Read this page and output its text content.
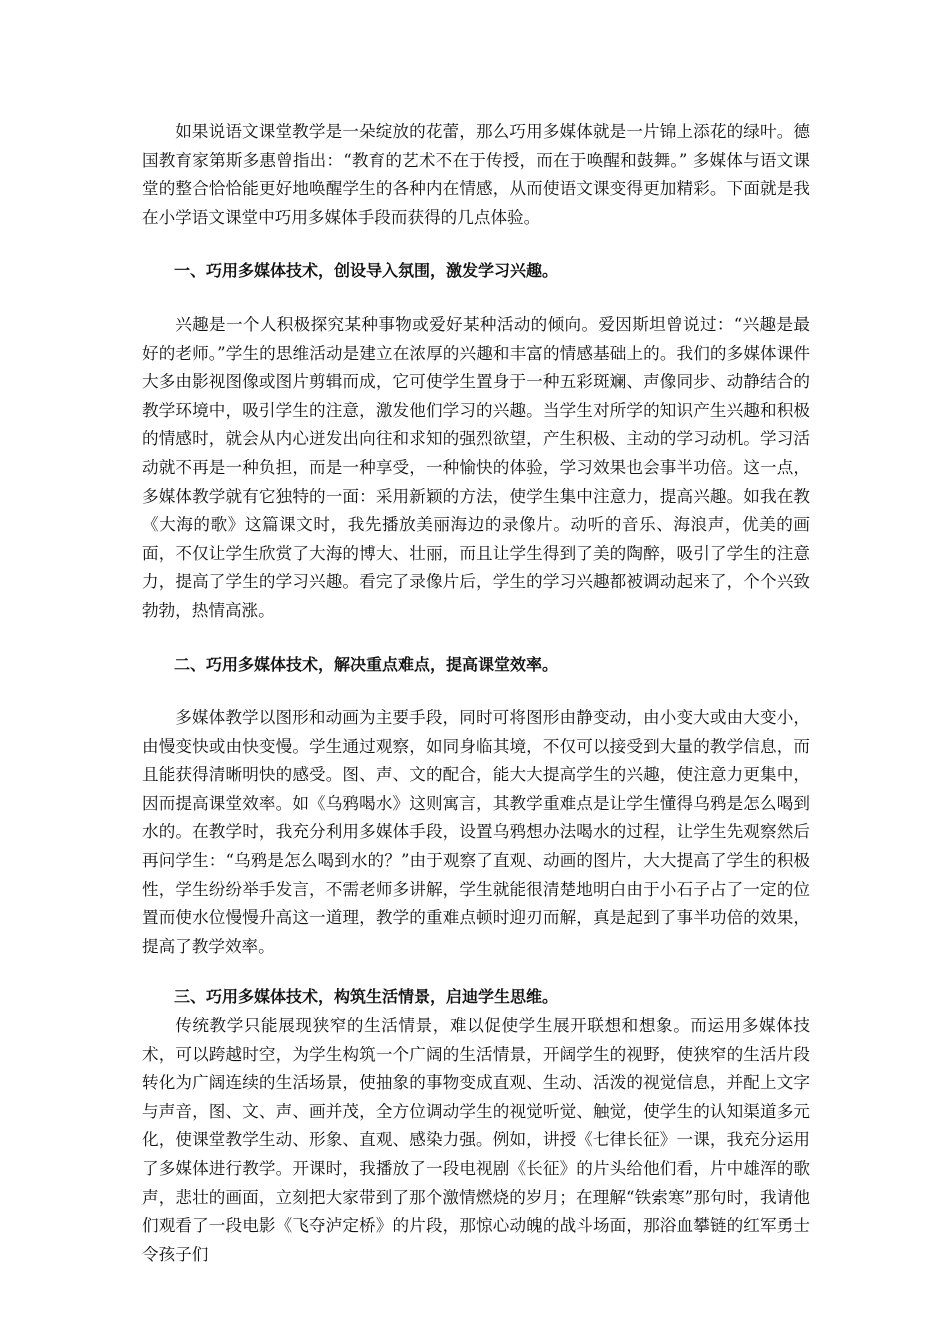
如果说语文课堂教学是一朵绽放的花蕾，那么巧用多媒体就是一片锦上添花的绿叶。德国教育家第斯多惠曾指出：“教育的艺术不在于传授，而在于唤醒和鼓舞。” 多媒体与语文课堂的整合恰恰能更好地唤醒学生的各种内在情感，从而使语文课变得更加精彩。下面就是我在小学语文课堂中巧用多媒体手段而获得的几点体验。

一、巧用多媒体技术，创设导入氛围，激发学习兴趣。

兴趣是一个人积极探究某种事物或爱好某种活动的倾向。爱因斯坦曾说过：“兴趣是最好的老师。”学生的思维活动是建立在浓厚的兴趣和丰富的情感基础上的。我们的多媒体课件大多由影视图像或图片剪辑而成，它可使学生置身于一种五彩斑斓、声像同步、动静结合的教学环境中，吸引学生的注意，激发他们学习的兴趣。当学生对所学的知识产生兴趣和积极的情感时，就会从内心迸发出向往和求知的强烈欲望，产生积极、主动的学习动机。学习活动就不再是一种负担，而是一种享受，一种愉快的体验，学习效果也会事半功倍。这一点，多媒体教学就有它独特的一面：采用新颖的方法，使学生集中注意力，提高兴趣。如我在教《大海的歌》这篇课文时，我先播放美丽海边的录像片。动听的音乐、海浪声，优美的画面，不仅让学生欣赏了大海的博大、壮丽，而且让学生得到了美的陶醉，吸引了学生的注意力，提高了学生的学习兴趣。看完了录像片后，学生的学习兴趣都被调动起来了，个个兴致勃勃，热情高涨。

二、巧用多媒体技术，解决重点难点，提高课堂效率。

多媒体教学以图形和动画为主要手段，同时可将图形由静变动，由小变大或由大变小，由慢变快或由快变慢。学生通过观察，如同身临其境，不仅可以接受到大量的教学信息，而且能获得清晰明快的感受。图、声、文的配合，能大大提高学生的兴趣，使注意力更集中，因而提高课堂效率。如《乌鸦喝水》这则寓言，其教学重难点是让学生懂得乌鸦是怎么喝到水的。在教学时，我充分利用多媒体手段，设置乌鸦想办法喝水的过程，让学生先观察然后再问学生：“乌鸦是怎么喝到水的？”由于观察了直观、动画的图片，大大提高了学生的积极性，学生纷纷举手发言，不需老师多讲解，学生就能很清楚地明白由于小石子占了一定的位置而使水位慢慢升高这一道理，教学的重难点顿时迎刃而解，真是起到了事半功倍的效果，提高了教学效率。

三、巧用多媒体技术，构筑生活情景，启迪学生思维。

传统教学只能展现狭窄的生活情景，难以促使学生展开联想和想象。而运用多媒体技术，可以跨越时空，为学生构筑一个广阔的生活情景，开阔学生的视野，使狭窄的生活片段转化为广阔连续的生活场景，使抽象的事物变成直观、生动、活泼的视觉信息，并配上文字与声音，图、文、声、画并茂，全方位调动学生的视觉听觉、触觉，使学生的认知渠道多元化，使课堂教学生动、形象、直观、感染力强。例如，讲授《七律长征》一课，我充分运用了多媒体进行教学。开课时，我播放了一段电视剧《长征》的片头给他们看，片中雄浑的歌声，悲壮的画面，立刻把大家带到了那个激情燃烧的岁月；在理解“铁索寒”那句时，我请他们观看了一段电影《飞夺泸定桥》的片段，那惊心动魄的战斗场面，那浴血攀链的红军勇士令孩子们
